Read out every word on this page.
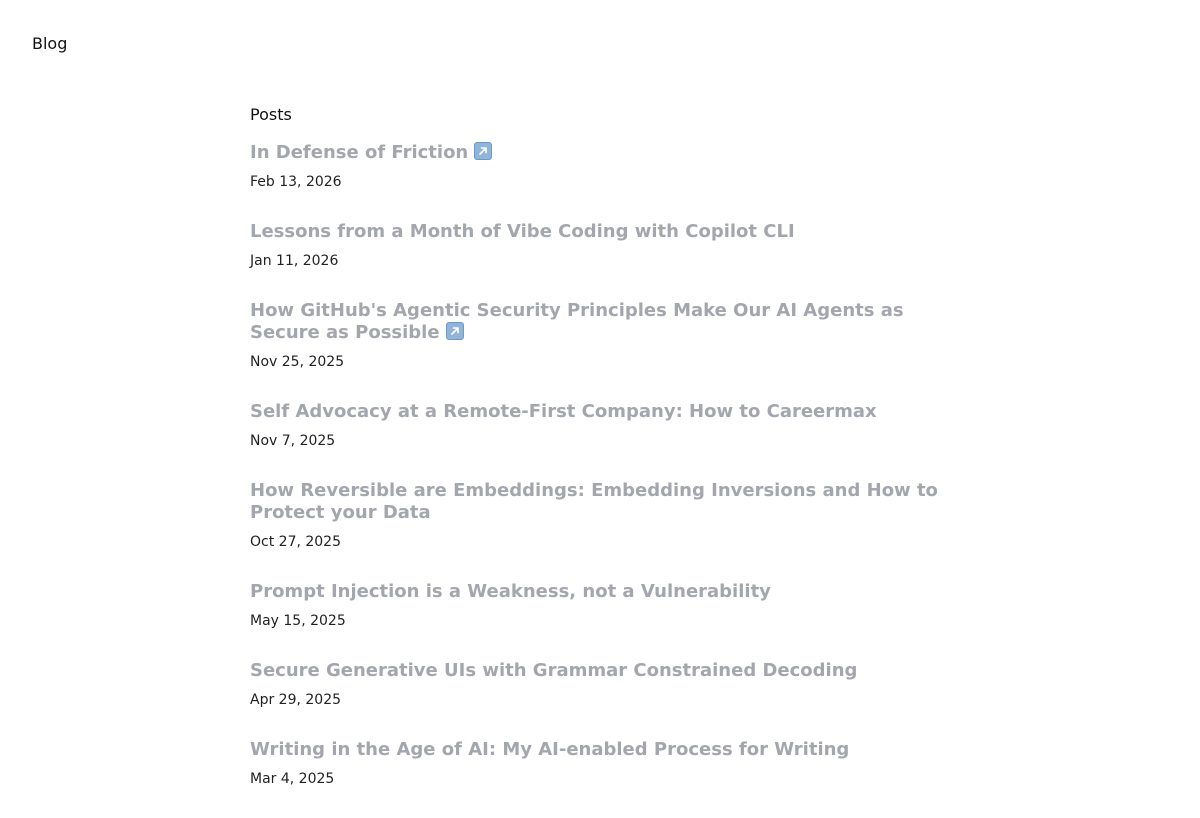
Blog
Posts
In Defense of Friction
Feb 13, 2026
Lessons from a Month of Vibe Coding with Copilot CLI
Jan 11, 2026
How GitHub's Agentic Security Principles Make Our AI Agents as Secure as Possible
Nov 25, 2025
Self Advocacy at a Remote-First Company: How to Careermax
Nov 7, 2025
How Reversible are Embeddings: Embedding Inversions and How to Protect your Data
Oct 27, 2025
Prompt Injection is a Weakness, not a Vulnerability
May 15, 2025
Secure Generative UIs with Grammar Constrained Decoding
Apr 29, 2025
Writing in the Age of AI: My AI-enabled Process for Writing
Mar 4, 2025
